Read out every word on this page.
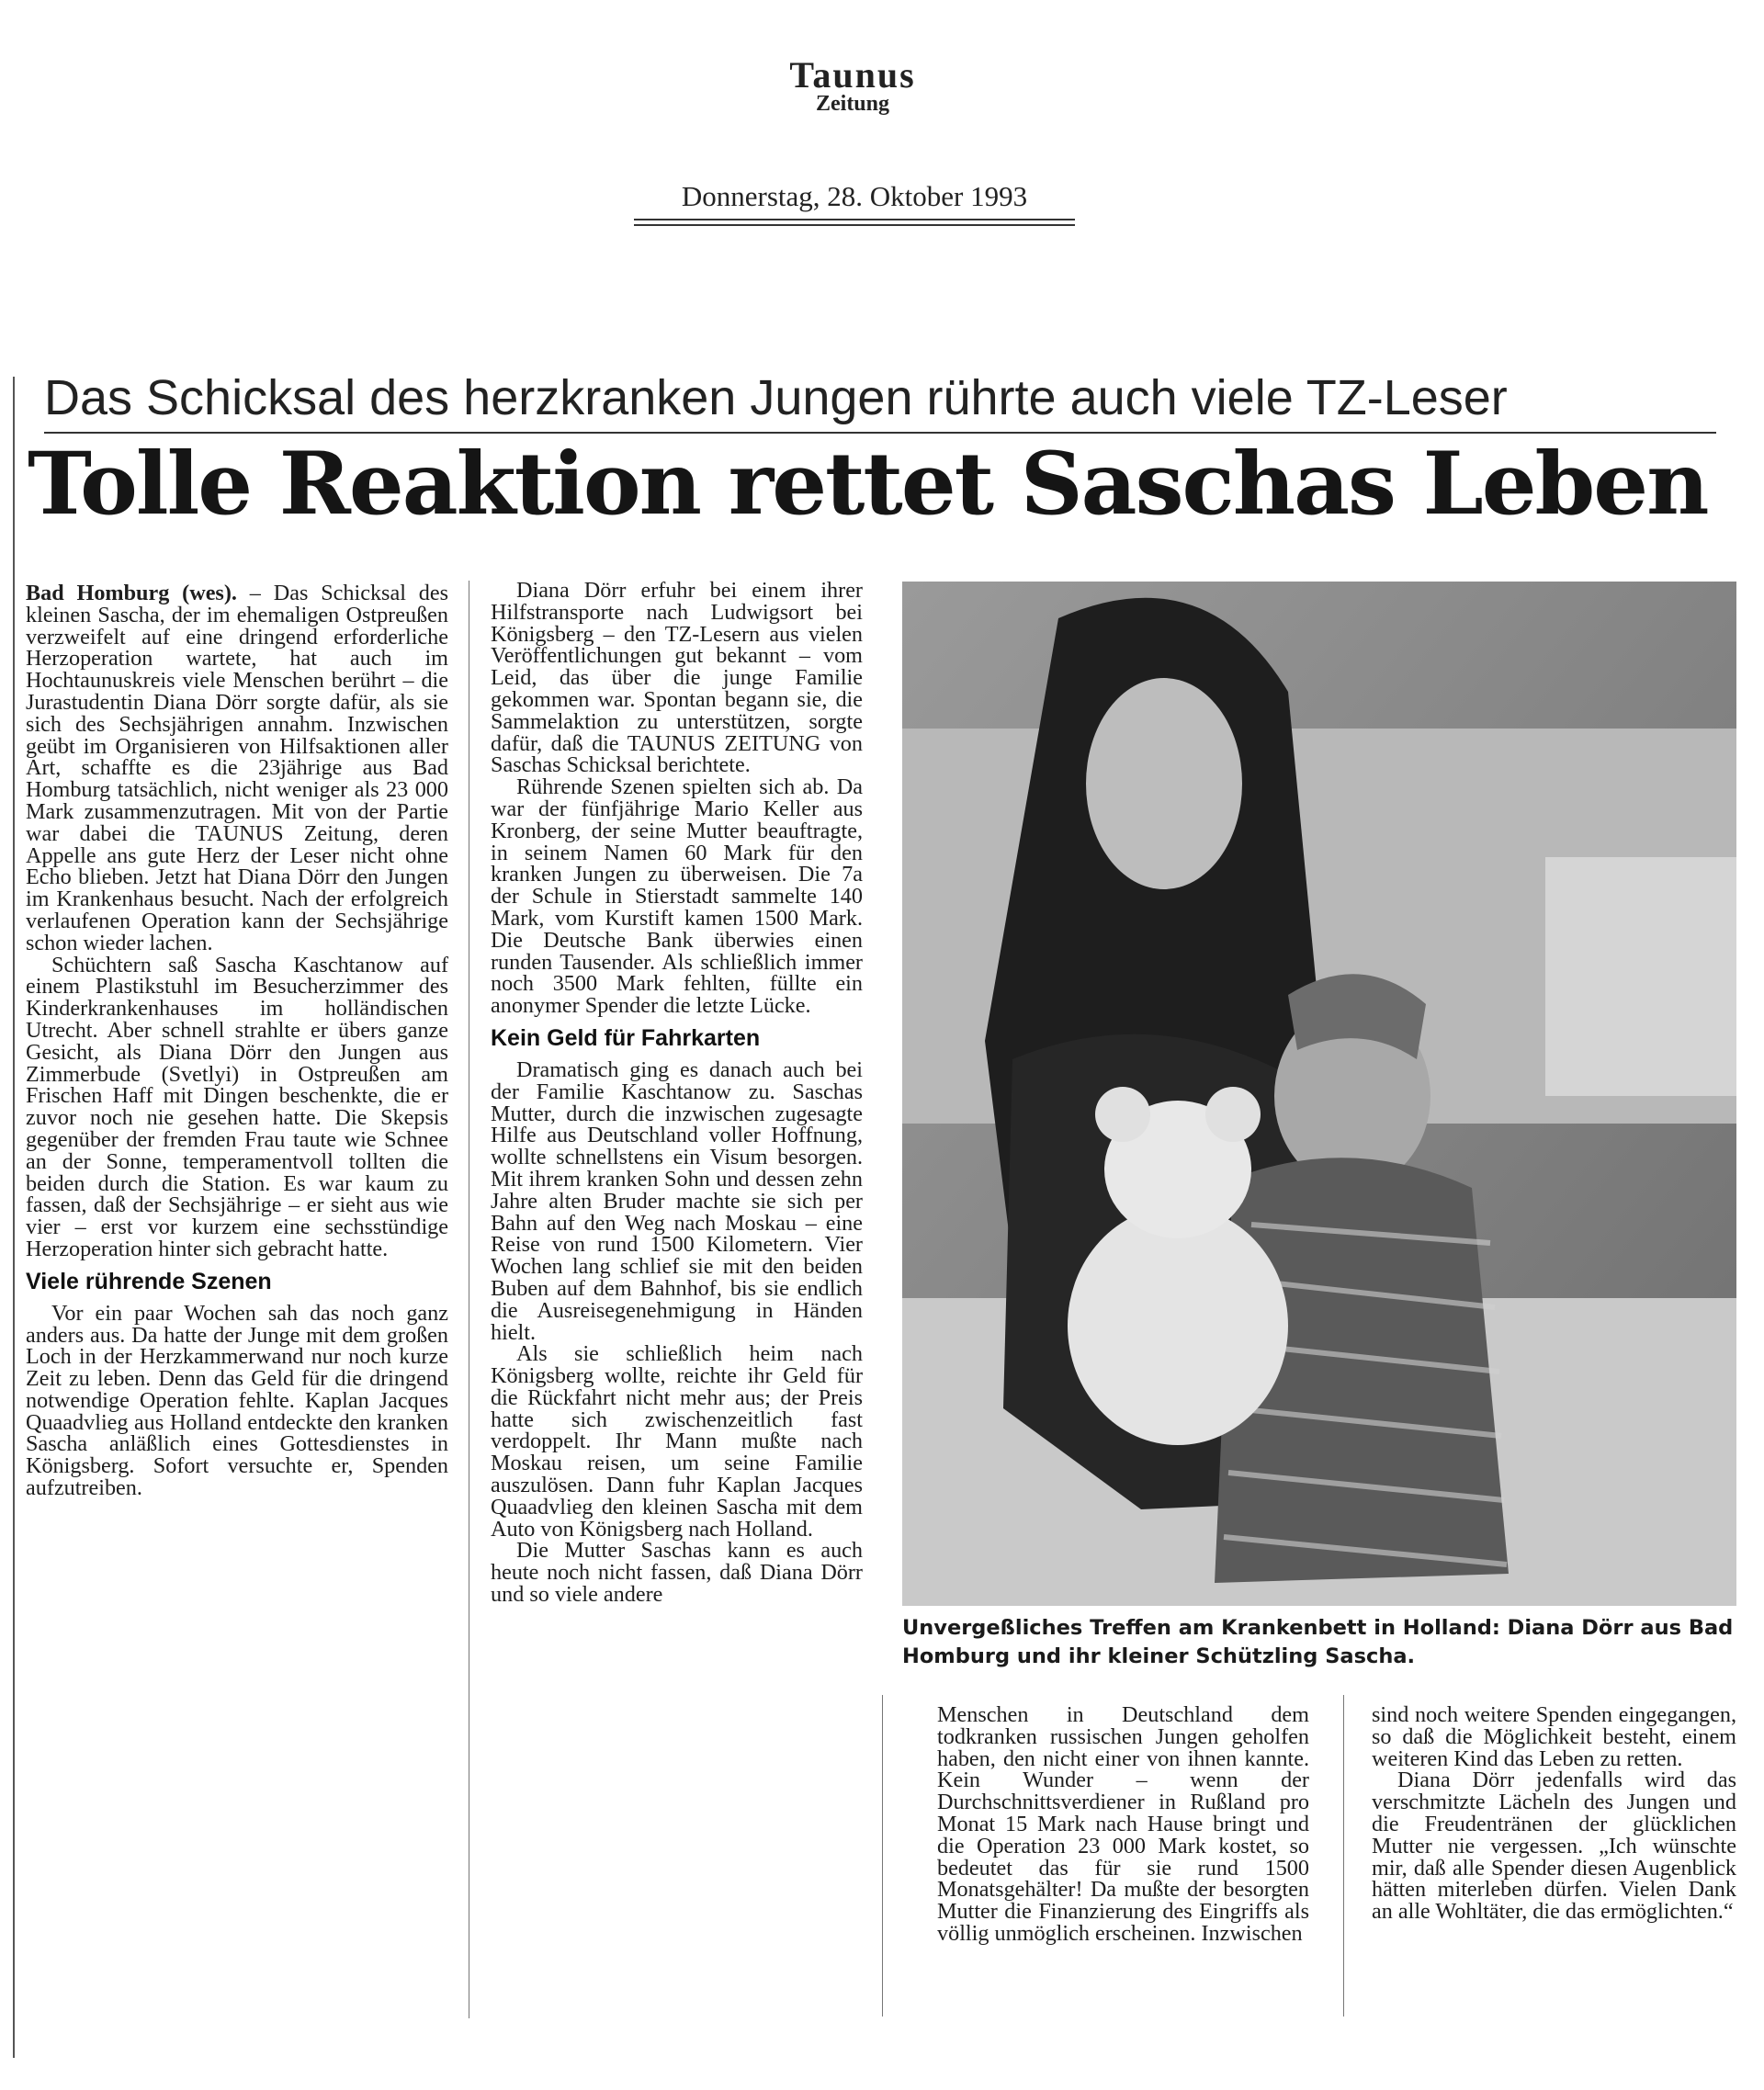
Taunus
Zeitung
Donnerstag, 28. Oktober 1993
Das Schicksal des herzkranken Jungen rührte auch viele TZ-Leser
Tolle Reaktion rettet Saschas Leben

Bad Homburg (wes). – Das Schicksal des kleinen Sascha, der im ehemaligen Ostpreußen verzweifelt auf eine dringend erforderliche Herzoperation wartete, hat auch im Hochtaunuskreis viele Menschen berührt – die Jurastudentin Diana Dörr sorgte dafür, als sie sich des Sechsjährigen annahm. Inzwischen geübt im Organisieren von Hilfsaktionen aller Art, schaffte es die 23jährige aus Bad Homburg tatsächlich, nicht weniger als 23 000 Mark zusammenzutragen. Mit von der Partie war dabei die TAUNUS Zeitung, deren Appelle ans gute Herz der Leser nicht ohne Echo blieben. Jetzt hat Diana Dörr den Jungen im Krankenhaus besucht. Nach der erfolgreich verlaufenen Operation kann der Sechsjährige schon wieder lachen.

Schüchtern saß Sascha Kaschtanow auf einem Plastikstuhl im Besucherzimmer des Kinderkrankenhauses im holländischen Utrecht. Aber schnell strahlte er übers ganze Gesicht, als Diana Dörr den Jungen aus Zimmerbude (Svetlyi) in Ostpreußen am Frischen Haff mit Dingen beschenkte, die er zuvor noch nie gesehen hatte. Die Skepsis gegenüber der fremden Frau taute wie Schnee an der Sonne, temperamentvoll tollten die beiden durch die Station. Es war kaum zu fassen, daß der Sechsjährige – er sieht aus wie vier – erst vor kurzem eine sechsstündige Herzoperation hinter sich gebracht hatte.

Viele rührende Szenen

Vor ein paar Wochen sah das noch ganz anders aus. Da hatte der Junge mit dem großen Loch in der Herzkammerwand nur noch kurze Zeit zu leben. Denn das Geld für die dringend notwendige Operation fehlte. Kaplan Jacques Quaadvlieg aus Holland entdeckte den kranken Sascha anläßlich eines Gottesdienstes in Königsberg. Sofort versuchte er, Spenden aufzutreiben.

Diana Dörr erfuhr bei einem ihrer Hilfstransporte nach Ludwigsort bei Königsberg – den TZ-Lesern aus vielen Veröffentlichungen gut bekannt – vom Leid, das über die junge Familie gekommen war. Spontan begann sie, die Sammelaktion zu unterstützen, sorgte dafür, daß die TAUNUS ZEITUNG von Saschas Schicksal berichtete.

Rührende Szenen spielten sich ab. Da war der fünfjährige Mario Keller aus Kronberg, der seine Mutter beauftragte, in seinem Namen 60 Mark für den kranken Jungen zu überweisen. Die 7a der Schule in Stierstadt sammelte 140 Mark, vom Kurstift kamen 1500 Mark. Die Deutsche Bank überwies einen runden Tausender. Als schließlich immer noch 3500 Mark fehlten, füllte ein anonymer Spender die letzte Lücke.

Kein Geld für Fahrkarten

Dramatisch ging es danach auch bei der Familie Kaschtanow zu. Saschas Mutter, durch die inzwischen zugesagte Hilfe aus Deutschland voller Hoffnung, wollte schnellstens ein Visum besorgen. Mit ihrem kranken Sohn und dessen zehn Jahre alten Bruder machte sie sich per Bahn auf den Weg nach Moskau – eine Reise von rund 1500 Kilometern. Vier Wochen lang schlief sie mit den beiden Buben auf dem Bahnhof, bis sie endlich die Ausreisegenehmigung in Händen hielt.

Als sie schließlich heim nach Königsberg wollte, reichte ihr Geld für die Rückfahrt nicht mehr aus; der Preis hatte sich zwischenzeitlich fast verdoppelt. Ihr Mann mußte nach Moskau reisen, um seine Familie auszulösen. Dann fuhr Kaplan Jacques Quaadvlieg den kleinen Sascha mit dem Auto von Königsberg nach Holland.

Die Mutter Saschas kann es auch heute noch nicht fassen, daß Diana Dörr und so viele andere

Unvergeßliches Treffen am Krankenbett in Holland: Diana Dörr aus Bad Homburg und ihr kleiner Schützling Sascha.

Menschen in Deutschland dem todkranken russischen Jungen geholfen haben, den nicht einer von ihnen kannte. Kein Wunder – wenn der Durchschnittsverdiener in Rußland pro Monat 15 Mark nach Hause bringt und die Operation 23 000 Mark kostet, so bedeutet das für sie rund 1500 Monatsgehälter! Da mußte der besorgten Mutter die Finanzierung des Eingriffs als völlig unmöglich erscheinen. Inzwischen

sind noch weitere Spenden eingegangen, so daß die Möglichkeit besteht, einem weiteren Kind das Leben zu retten.

Diana Dörr jedenfalls wird das verschmitzte Lächeln des Jungen und die Freudentränen der glücklichen Mutter nie vergessen. „Ich wünschte mir, daß alle Spender diesen Augenblick hätten miterleben dürfen. Vielen Dank an alle Wohltäter, die das ermöglichten.“
